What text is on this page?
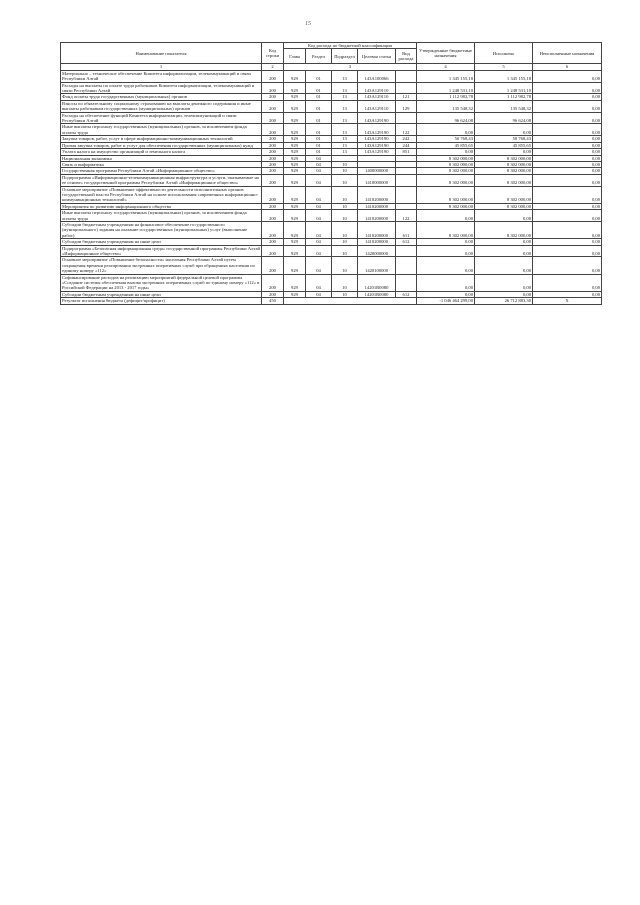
15
Наименование показателя	Код строки	Код расхода по бюджетной классификации					Утвержденные бюджетные назначения	Исполнено	Неисполненные назначения
		Глава	Раздел	Подраздел	Целевая статья	Вид расхода			
1	2	3					4	5	6
Материально – техническое обеспечение Комитета информатизации, телекоммуникаций и связи Республики Алтай	200	929	01	13	143А100066		1 345 155,18	1 345 155,18	0,00
Расходы на выплаты по оплате труда работников Комитета информатизации, телекоммуникаций и связи Республики Алтай	200	929	01	13	143А129110		1 248 531,10	1 248 531,10	0,00
Фонд оплаты труда государственных (муниципальных) органов	200	929	01	13	143А129110	121	1 112 982,78	1 112 982,78	0,00
Взносы по обязательному социальному страхованию на выплаты денежного содержания и иные выплаты работникам государственных (муниципальных) органов	200	929	01	13	143А129110	129	135 548,32	135 548,32	0,00
Расходы на обеспечение функций Комитета информатизации, телекоммуникаций и связи Республики Алтай	200	929	01	13	143А129190		96 624,08	96 624,08	0,00
Иные выплаты персоналу государственных (муниципальных) органов, за исключением фонда оплаты труда	200	929	01	13	143А129190	122	0,00	0,00	0,00
Закупка товаров, работ, услуг в сфере информационно-коммуникационных технологий	200	929	01	13	143А129190	242	50 768,43	50 768,43	0,00
Прочая закупка товаров, работ и услуг для обеспечения государственных (муниципальных) нужд	200	929	01	13	143А129190	244	45 855,65	45 855,65	0,00
Уплата налога на имущество организаций и земельного налога	200	929	01	13	143А129190	851	0,00	0,00	0,00
Национальная экономика	200	929	04				8 302 000,00	8 302 000,00	0,00
Связь и информатика	200	929	04	10			8 302 000,00	8 302 000,00	0,00
Государственная программа Республики Алтай «Информационное общество»	200	929	04	10	1400000000		8 302 000,00	8 302 000,00	0,00
Подпрограмма «Информационно-телекоммуникационная инфраструктура и услуги, оказываемые на ее основе» государственной программы Республики Алтай «Информационное общество»	200	929	04	10	1410000000		8 302 000,00	8 302 000,00	0,00
Основное мероприятие «Повышение эффективности деятельности исполнительных органов государственной власти Республики Алтай на основе использования современных информационно-коммуникационных технологий»	200	929	04	10	1410200000		8 302 000,00	8 302 000,00	0,00
Мероприятия по развитию информационного общества	200	929	04	10	1410200000		8 302 000,00	8 302 000,00	0,00
Иные выплаты персоналу государственных (муниципальных) органов, за исключением фонда оплаты труда	200	929	04	10	1410200000	122	0,00	0,00	0,00
Субсидии бюджетным учреждениям на финансовое обеспечение государственного (муниципального) задания на оказание государственных (муниципальных) услуг (выполнение работ)	200	929	04	10	1410200000	611	8 302 000,00	8 302 000,00	0,00
Субсидии бюджетным учреждениям на иные цели	200	929	04	10	1410200000	612	0,00	0,00	0,00
Подпрограмма «Безопасная информационная среда» государственной программы Республики Алтай «Информационное общество»	200	929	04	10	1420000000		0,00	0,00	0,00
Основное мероприятие «Повышение безопасности» населения Республики Алтай путем сокращения времени реагирования экстренных оперативных служб при обращениях населения по единому номеру «112»	200	929	04	10	1420100000		0,00	0,00	0,00
Софинансирование расходов на реализацию мероприятий федеральной целевой программы «Создание системы обеспечения вызова экстренных оперативных служб по единому номеру «112» в Российской Федерации на 2013 - 2017 годы»	200	929	04	10	14201R0080		0,00	0,00	0,00
Субсидии бюджетным учреждениям на иные цели	200	929	04	10	14201R0080	612	0,00	0,00	0,00
Результат исполнения бюджета (дефицит/профицит)	450						-1 046 464 299,00	26 712 883,30	X
